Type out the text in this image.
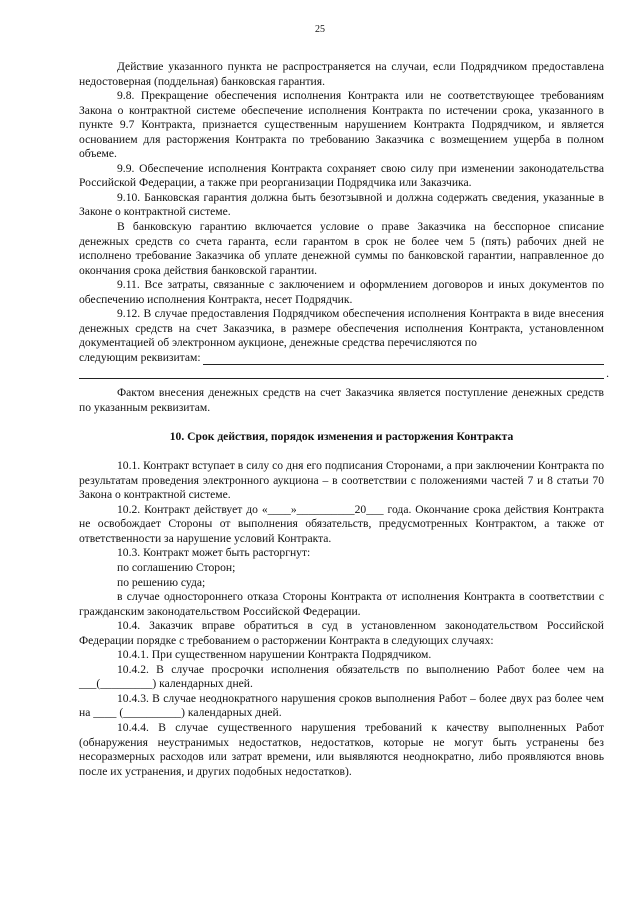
25

Действие указанного пункта не распространяется на случаи, если Подрядчиком предоставлена недостоверная (поддельная) банковская гарантия.

9.8. Прекращение обеспечения исполнения Контракта или не соответствующее требованиям Закона о контрактной системе обеспечение исполнения Контракта по истечении срока, указанного в пункте 9.7 Контракта, признается существенным нарушением Контракта Подрядчиком, и является основанием для расторжения Контракта по требованию Заказчика с возмещением ущерба в полном объеме.

9.9. Обеспечение исполнения Контракта сохраняет свою силу при изменении законодательства Российской Федерации, а также при реорганизации Подрядчика или Заказчика.

9.10. Банковская гарантия должна быть безотзывной и должна содержать сведения, указанные в Законе о контрактной системе.

В банковскую гарантию включается условие о праве Заказчика на бесспорное списание денежных средств со счета гаранта, если гарантом в срок не более чем 5 (пять) рабочих дней не исполнено требование Заказчика об уплате денежной суммы по банковской гарантии, направленное до окончания срока действия банковской гарантии.

9.11. Все затраты, связанные с заключением и оформлением договоров и иных документов по обеспечению исполнения Контракта, несет Подрядчик.

9.12. В случае предоставления Подрядчиком обеспечения исполнения Контракта в виде внесения денежных средств на счет Заказчика, в размере обеспечения исполнения Контракта, установленном документацией об электронном аукционе, денежные средства перечисляются по

следующим реквизитам:
.

Фактом внесения денежных средств на счет Заказчика является поступление денежных средств по указанным реквизитам.

10. Срок действия, порядок изменения и расторжения Контракта

10.1. Контракт вступает в силу со дня его подписания Сторонами, а при заключении Контракта по результатам проведения электронного аукциона – в соответствии с положениями частей 7 и 8 статьи 70 Закона о контрактной системе.

10.2. Контракт действует до «____»__________20___ года. Окончание срока действия Контракта не освобождает Стороны от выполнения обязательств, предусмотренных Контрактом, а также от ответственности за нарушение условий Контракта.

10.3. Контракт может быть расторгнут:

по соглашению Сторон;

по решению суда;

в случае одностороннего отказа Стороны Контракта от исполнения Контракта в соответствии с гражданским законодательством Российской Федерации.

10.4. Заказчик вправе обратиться в суд в установленном законодательством Российской Федерации порядке с требованием о расторжении Контракта в следующих случаях:

10.4.1. При существенном нарушении Контракта Подрядчиком.

10.4.2. В случае просрочки исполнения обязательств по выполнению Работ более чем на ___(_________) календарных дней.

10.4.3. В случае неоднократного нарушения сроков выполнения Работ – более двух раз более чем на ____ (__________) календарных дней.

10.4.4. В случае существенного нарушения требований к качеству выполненных Работ (обнаружения неустранимых недостатков, недостатков, которые не могут быть устранены без несоразмерных расходов или затрат времени, или выявляются неоднократно, либо проявляются вновь после их устранения, и других подобных недостатков).
